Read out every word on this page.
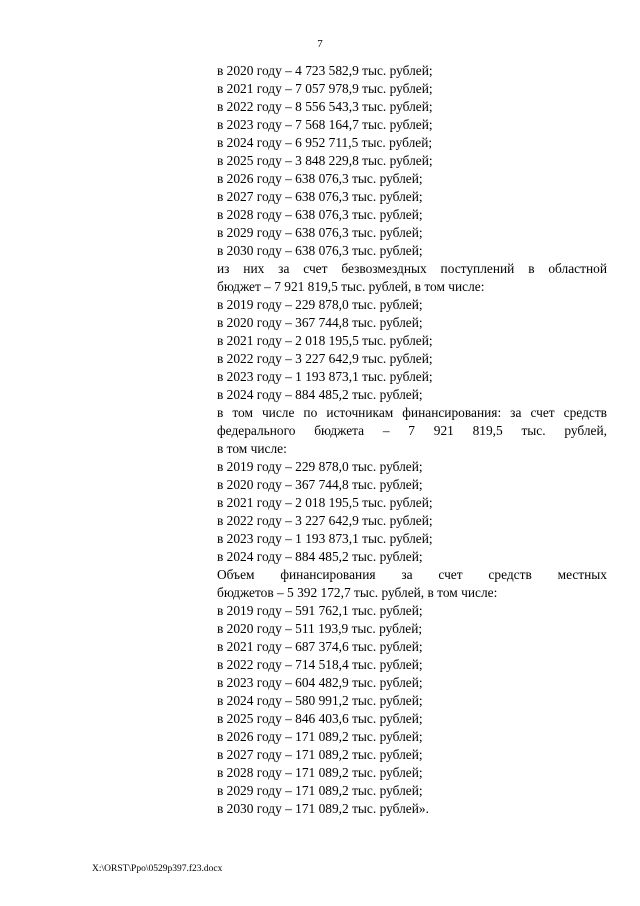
7
в 2020 году – 4 723 582,9 тыс. рублей;
в 2021 году – 7 057 978,9 тыс. рублей;
в 2022 году – 8 556 543,3 тыс. рублей;
в 2023 году – 7 568 164,7 тыс. рублей;
в 2024 году – 6 952 711,5 тыс. рублей;
в 2025 году – 3 848 229,8 тыс. рублей;
в 2026 году – 638 076,3 тыс. рублей;
в 2027 году – 638 076,3 тыс. рублей;
в 2028 году – 638 076,3 тыс. рублей;
в 2029 году – 638 076,3 тыс. рублей;
в 2030 году – 638 076,3 тыс. рублей;
из них за счет безвозмездных поступлений в областной
бюджет – 7 921 819,5 тыс. рублей, в том числе:
в 2019 году – 229 878,0 тыс. рублей;
в 2020 году – 367 744,8 тыс. рублей;
в 2021 году – 2 018 195,5 тыс. рублей;
в 2022 году – 3 227 642,9 тыс. рублей;
в 2023 году – 1 193 873,1 тыс. рублей;
в 2024 году – 884 485,2 тыс. рублей;
в том числе по источникам финансирования: за счет средств
федерального бюджета – 7 921 819,5 тыс. рублей,
в том числе:
в 2019 году – 229 878,0 тыс. рублей;
в 2020 году – 367 744,8 тыс. рублей;
в 2021 году – 2 018 195,5 тыс. рублей;
в 2022 году – 3 227 642,9 тыс. рублей;
в 2023 году – 1 193 873,1 тыс. рублей;
в 2024 году – 884 485,2 тыс. рублей;
Объем финансирования за счет средств местных
бюджетов – 5 392 172,7 тыс. рублей, в том числе:
в 2019 году – 591 762,1 тыс. рублей;
в 2020 году – 511 193,9 тыс. рублей;
в 2021 году – 687 374,6 тыс. рублей;
в 2022 году – 714 518,4 тыс. рублей;
в 2023 году – 604 482,9 тыс. рублей;
в 2024 году – 580 991,2 тыс. рублей;
в 2025 году – 846 403,6 тыс. рублей;
в 2026 году – 171 089,2 тыс. рублей;
в 2027 году – 171 089,2 тыс. рублей;
в 2028 году – 171 089,2 тыс. рублей;
в 2029 году – 171 089,2 тыс. рублей;
в 2030 году – 171 089,2 тыс. рублей».
X:\ORST\Ppo\0529p397.f23.docx
